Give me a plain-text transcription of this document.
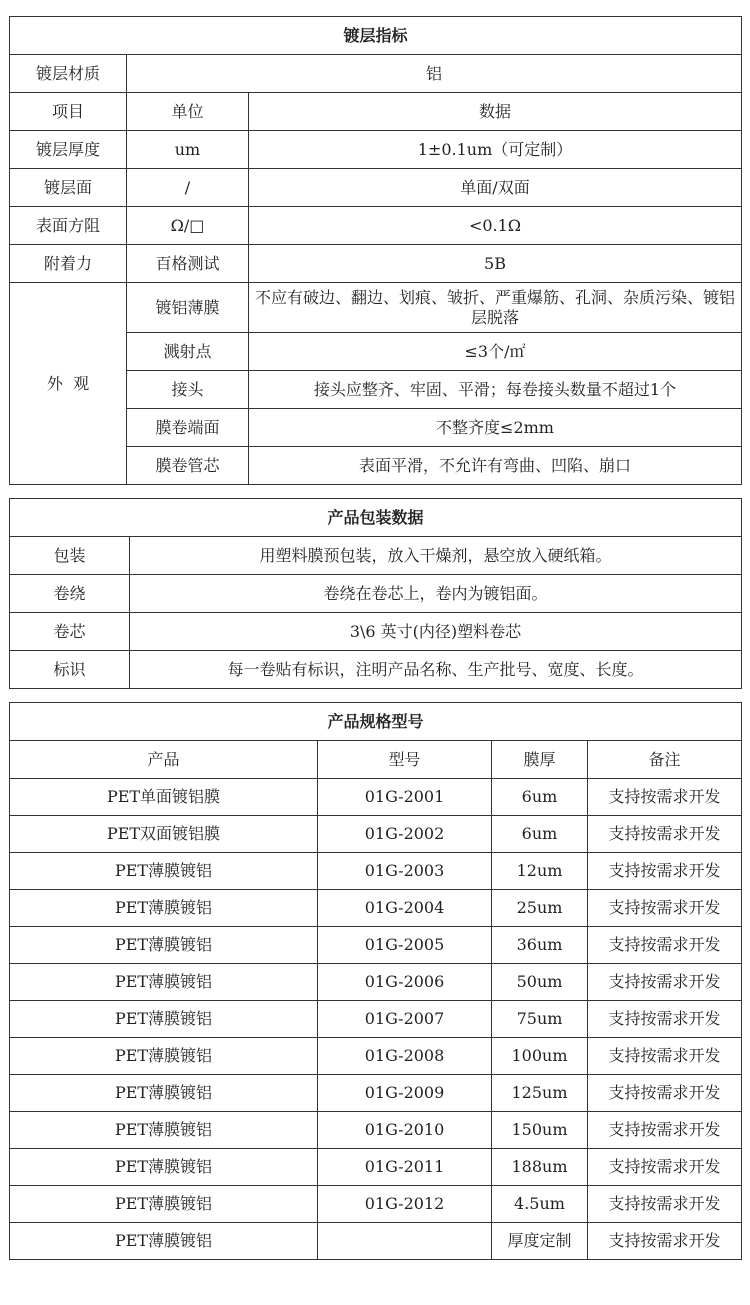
镀层指标		
镀层材质	铝	
项目	单位	数据
镀层厚度	um	1±0.1um（可定制）
镀层面	/	单面/双面
表面方阻	Ω/□	<0.1Ω
附着力	百格测试	5B
外  观	镀铝薄膜	不应有破边、翻边、划痕、皱折、严重爆筋、孔洞、杂质污染、镀铝层脱落
	溅射点	≤3个/㎡
	接头	接头应整齐、牢固、平滑；每卷接头数量不超过1个
	膜卷端面	不整齐度≤2mm
	膜卷管芯	表面平滑，不允许有弯曲、凹陷、崩口
产品包装数据	
包装	用塑料膜预包装，放入干燥剂，悬空放入硬纸箱。
卷绕	卷绕在卷芯上，卷内为镀铝面。
卷芯	3\6 英寸(内径)塑料卷芯
标识	每一卷贴有标识，注明产品名称、生产批号、宽度、长度。
产品规格型号			
产品	型号	膜厚	备注
PET单面镀铝膜	01G-2001	6um	支持按需求开发
PET双面镀铝膜	01G-2002	6um	支持按需求开发
PET薄膜镀铝	01G-2003	12um	支持按需求开发
PET薄膜镀铝	01G-2004	25um	支持按需求开发
PET薄膜镀铝	01G-2005	36um	支持按需求开发
PET薄膜镀铝	01G-2006	50um	支持按需求开发
PET薄膜镀铝	01G-2007	75um	支持按需求开发
PET薄膜镀铝	01G-2008	100um	支持按需求开发
PET薄膜镀铝	01G-2009	125um	支持按需求开发
PET薄膜镀铝	01G-2010	150um	支持按需求开发
PET薄膜镀铝	01G-2011	188um	支持按需求开发
PET薄膜镀铝	01G-2012	4.5um	支持按需求开发
PET薄膜镀铝		厚度定制	支持按需求开发
